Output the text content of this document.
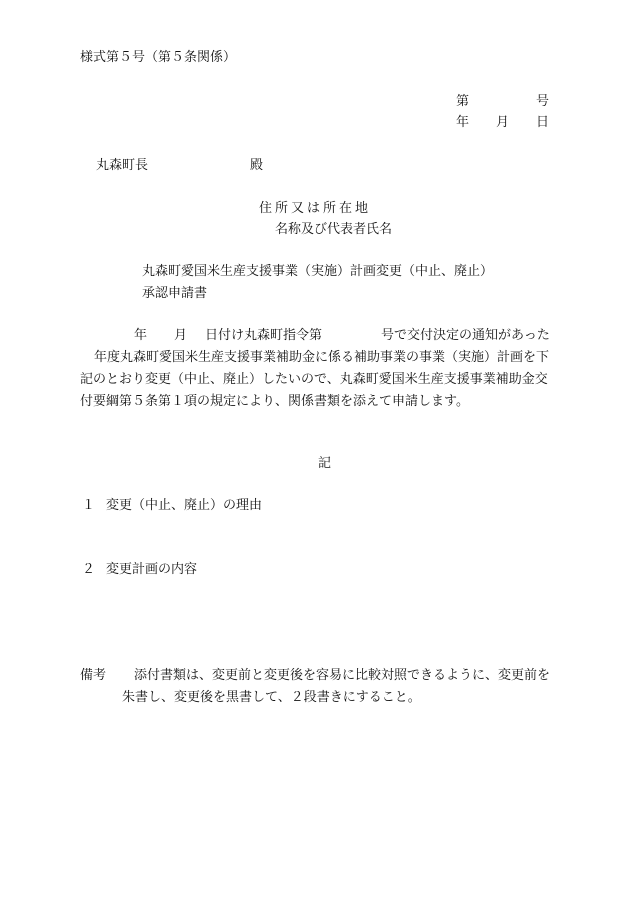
様式第５号（第５条関係）
第	号
年 月 日
丸森町長	殿
住所又は所在地
名称及び代表者氏名
丸森町愛国米生産支援事業（実施）計画変更（中止、廃止）
承認申請書
年 月 日付け丸森町指令第	号で交付決定の通知があった
年度丸森町愛国米生産支援事業補助金に係る補助事業の事業（実施）計画を下
記のとおり変更（中止、廃止）したいので、丸森町愛国米生産支援事業補助金交
付要綱第５条第１項の規定により、関係書類を添えて申請します。
記
１ 変更（中止、廃止）の理由
２ 変更計画の内容
備考 添付書類は、変更前と変更後を容易に比較対照できるように、変更前を
朱書し、変更後を黒書して、２段書きにすること。
